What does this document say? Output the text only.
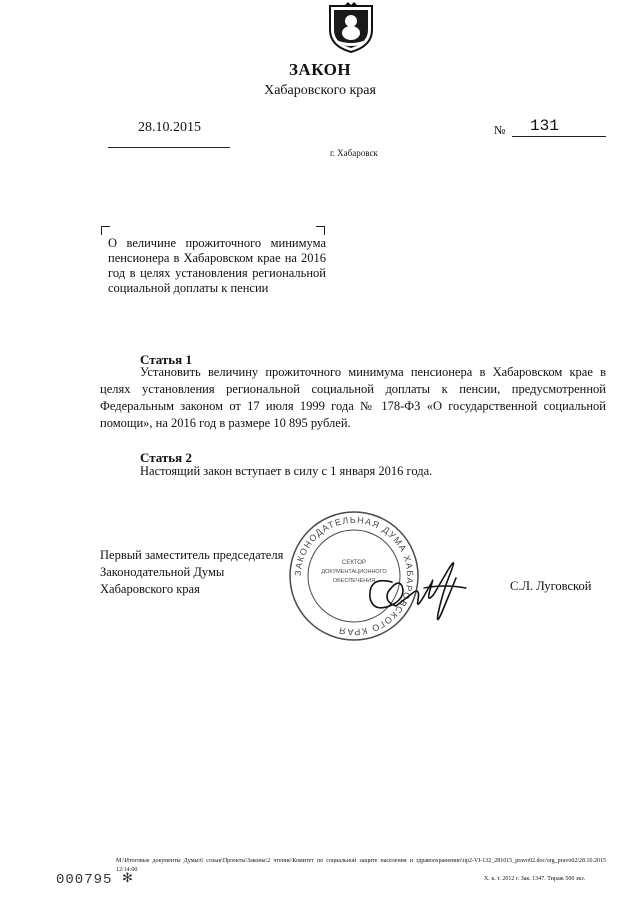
ЗАКОН
Хабаровского края
28.10.2015	№ 131
г. Хабаровск
О величине прожиточного минимума пенсионера в Хабаровском крае на 2016 год в целях установления региональной социальной доплаты к пенсии
Статья 1
Установить величину прожиточного минимума пенсионера в Хабаровском крае в целях установления региональной социальной доплаты к пенсии, предусмотренной Федеральным законом от 17 июля 1999 года № 178-ФЗ «О государственной социальной помощи», на 2016 год в размере 10 895 рублей.
Статья 2
Настоящий закон вступает в силу с 1 января 2016 года.
ЗАКОНОДАТЕЛЬНАЯ ДУМА ХАБАРОВСКОГО КРАЯ
СЕКТОР
ДОКУМЕНТАЦИОННОГО
ОБЕСПЕЧЕНИЯ
Первый заместитель председателя
Законодательной Думы
Хабаровского края	С.Л. Луговской
М:\Итоговые документы Думы\6 созыв\Проекты\Законы\2 чтение\Комитет по социальной защите населения и здравоохранению\пр2-VI-132_281015_pravo02.doc/org_pravo02/28.10.2015 12:14:00
Х. к. т. 2012 г. Зак. 1347. Тираж 500 экз.
000795 ✻
